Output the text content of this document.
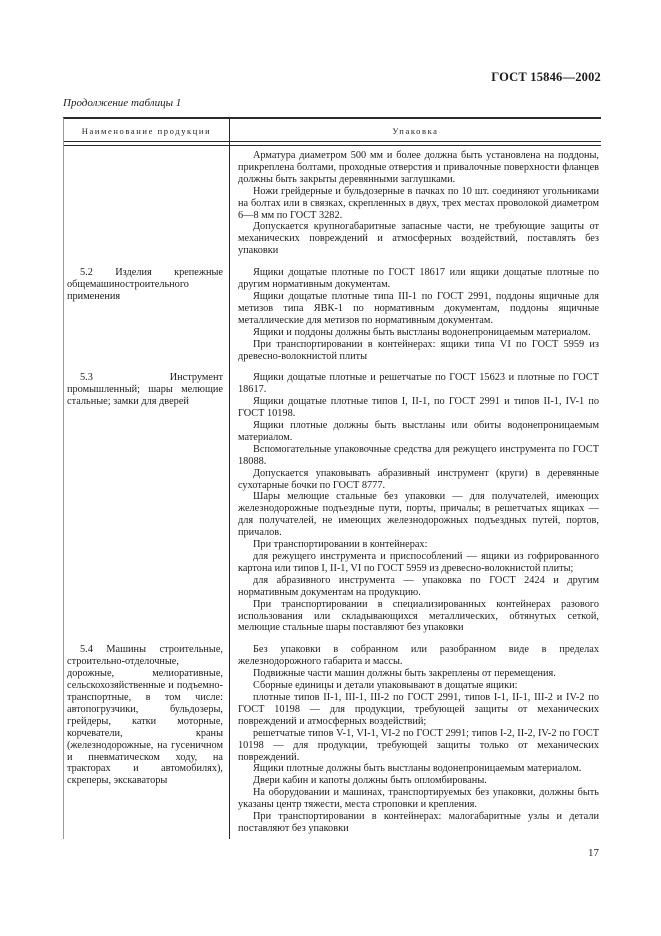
ГОСТ 15846—2002
Продолжение таблицы 1
Наименование продукции	Упаковка

Арматура диаметром 500 мм и более должна быть установлена на поддоны, прикреплена болтами, проходные отверстия и привалочные поверхности фланцев должны быть закрыты деревянными заглушками.

Ножи грейдерные и бульдозерные в пачках по 10 шт. соединяют угольниками на болтах или в связках, скрепленных в двух, трех местах проволокой диаметром 6—8 мм по ГОСТ 3282.

Допускается крупногабаритные запасные части, не требующие защиты от механических повреждений и атмосферных воздействий, поставлять без упаковки

5.2 Изделия крепежные общемашиностроительного применения

Ящики дощатые плотные по ГОСТ 18617 или ящики дощатые плотные по другим нормативным документам.

Ящики дощатые плотные типа III-1 по ГОСТ 2991, поддоны ящичные для метизов типа ЯВК-1 по нормативным документам, поддоны ящичные металлические для метизов по нормативным документам.

Ящики и поддоны должны быть выстланы водонепроницаемым материалом.

При транспортировании в контейнерах: ящики типа VI по ГОСТ 5959 из древесно-волокнистой плиты

5.3 Инструмент промышленный; шары мелющие стальные; замки для дверей

Ящики дощатые плотные и решетчатые по ГОСТ 15623 и плотные по ГОСТ 18617.

Ящики дощатые плотные типов I, II-1, по ГОСТ 2991 и типов II-1, IV-1 по ГОСТ 10198.

Ящики плотные должны быть выстланы или обиты водонепроницаемым материалом.

Вспомогательные упаковочные средства для режущего инструмента по ГОСТ 18088.

Допускается упаковывать абразивный инструмент (круги) в деревянные сухотарные бочки по ГОСТ 8777.

Шары мелющие стальные без упаковки — для получателей, имеющих железнодорожные подъездные пути, порты, причалы; в решетчатых ящиках — для получателей, не имеющих железнодорожных подъездных путей, портов, причалов.

При транспортировании в контейнерах:

для режущего инструмента и приспособлений — ящики из гофрированного картона или типов I, II-1, VI по ГОСТ 5959 из древесно-волокнистой плиты;

для абразивного инструмента — упаковка по ГОСТ 2424 и другим нормативным документам на продукцию.

При транспортировании в специализированных контейнерах разового использования или складывающихся металлических, обтянутых сеткой, мелющие стальные шары поставляют без упаковки

5.4 Машины строительные, строительно-отделочные, дорожные, мелиоративные, сельскохозяйственные и подъемно-транспортные, в том числе: автопогрузчики, бульдозеры, грейдеры, катки моторные, корчеватели, краны (железнодорожные, на гусеничном и пневматическом ходу, на тракторах и автомобилях), скреперы, экскаваторы

Без упаковки в собранном или разобранном виде в пределах железнодорожного габарита и массы.

Подвижные части машин должны быть закреплены от перемещения.

Сборные единицы и детали упаковывают в дощатые ящики:

плотные типов II-1, III-1, III-2 по ГОСТ 2991, типов I-1, II-1, III-2 и IV-2 по ГОСТ 10198 — для продукции, требующей защиты от механических повреждений и атмосферных воздействий;

решетчатые типов V-1, VI-1, VI-2 по ГОСТ 2991; типов I-2, II-2, IV-2 по ГОСТ 10198 — для продукции, требующей защиты только от механических повреждений.

Ящики плотные должны быть выстланы водонепроницаемым материалом.

Двери кабин и капоты должны быть опломбированы.

На оборудовании и машинах, транспортируемых без упаковки, должны быть указаны центр тяжести, места строповки и крепления.

При транспортировании в контейнерах: малогабаритные узлы и детали поставляют без упаковки

17
